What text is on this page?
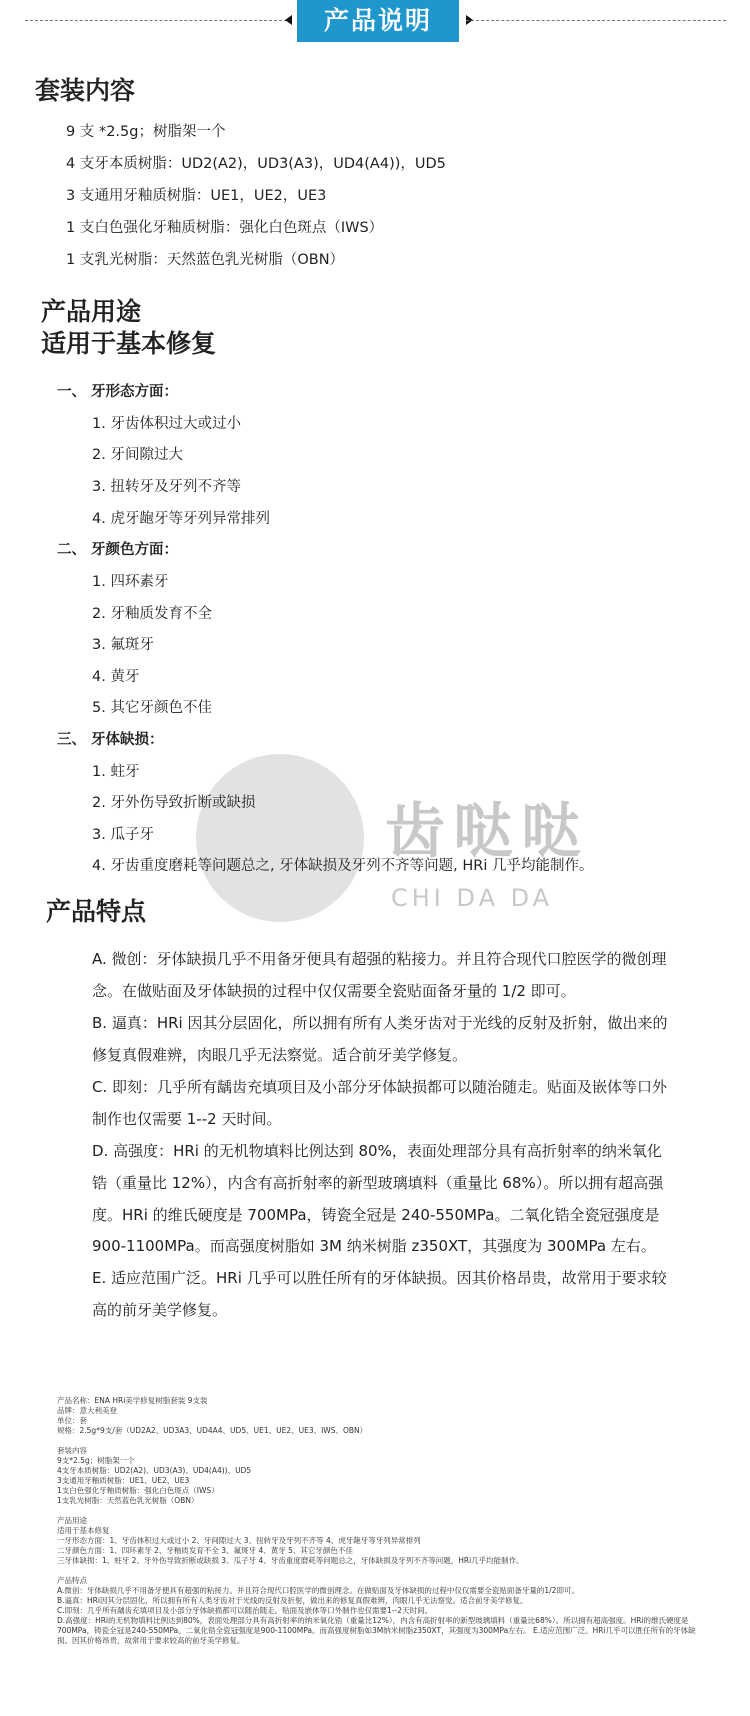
产品说明
套装内容
9 支 *2.5g；树脂架一个
4 支牙本质树脂：UD2(A2)，UD3(A3)，UD4(A4))，UD5
3 支通用牙釉质树脂：UE1，UE2，UE3
1 支白色强化牙釉质树脂：强化白色斑点（IWS）
1 支乳光树脂：天然蓝色乳光树脂（OBN）
产品用途
适用于基本修复
一、 牙形态方面：
1. 牙齿体积过大或过小
2. 牙间隙过大
3. 扭转牙及牙列不齐等
4. 虎牙龅牙等牙列异常排列
二、 牙颜色方面：
1. 四环素牙
2. 牙釉质发育不全
3. 氟斑牙
4. 黄牙
5. 其它牙颜色不佳
三、 牙体缺损：
齿哒哒
CHI DA DA
1. 蛀牙
2. 牙外伤导致折断或缺损
3. 瓜子牙
4. 牙齿重度磨耗等问题总之, 牙体缺损及牙列不齐等问题, HRi 几乎均能制作。
产品特点
A. 微创：牙体缺损几乎不用备牙便具有超强的粘接力。并且符合现代口腔医学的微创理念。在做贴面及牙体缺损的过程中仅仅需要全瓷贴面备牙量的 1/2 即可。
B. 逼真：HRi 因其分层固化，所以拥有所有人类牙齿对于光线的反射及折射，做出来的修复真假难辨，肉眼几乎无法察觉。适合前牙美学修复。
C. 即刻：几乎所有龋齿充填项目及小部分牙体缺损都可以随治随走。贴面及嵌体等口外制作也仅需要 1--2 天时间。
D. 高强度：HRi 的无机物填料比例达到 80%，表面处理部分具有高折射率的纳米氧化锆（重量比 12%），内含有高折射率的新型玻璃填料（重量比 68%）。所以拥有超高强度。HRi 的维氏硬度是 700MPa，铸瓷全冠是 240-550MPa。二氧化锆全瓷冠强度是 900-1100MPa。而高强度树脂如 3M 纳米树脂 z350XT，其强度为 300MPa 左右。 E. 适应范围广泛。HRi 几乎可以胜任所有的牙体缺损。因其价格昂贵，故常用于要求较高的前牙美学修复。
产品名称：ENA HRi美学修复树脂套装 9支装
品牌：意大利美登
单位：套
规格：2.5g*9支/套（UD2A2、UD3A3、UD4A4、UD5、UE1、UE2、UE3、IWS、OBN）
套装内容
9支*2.5g；树脂架一个
4支牙本质树脂：UD2(A2)、UD3(A3)、UD4(A4))、UD5
3支通用牙釉质树脂：UE1、UE2、UE3
1支白色强化牙釉质树脂：强化白色斑点（IWS）
1支乳光树脂：天然蓝色乳光树脂（OBN）
产品用途
适用于基本修复
一牙形态方面：1、牙齿体积过大或过小 2、牙间隙过大 3、扭转牙及牙列不齐等 4、虎牙龅牙等牙列异常排列
二牙颜色方面：1、四环素牙 2、牙釉质发育不全 3、氟斑牙 4、黄牙 5、其它牙颜色不佳
三牙体缺损：1、蛀牙 2、牙外伤导致折断或缺损 3、瓜子牙 4、牙齿重度磨耗等问题总之，牙体缺损及牙列不齐等问题，HRi几乎均能制作。
产品特点
A.微创：牙体缺损几乎不用备牙便具有超强的粘接力。并且符合现代口腔医学的微创理念。在做贴面及牙体缺损的过程中仅仅需要全瓷贴面备牙量的1/2即可。
B.逼真：HRi因其分层固化，所以拥有所有人类牙齿对于光线的反射及折射，做出来的修复真假难辨，肉眼几乎无法察觉。适合前牙美学修复。
C.即刻：几乎所有龋齿充填项目及小部分牙体缺损都可以随治随走。贴面及嵌体等口外制作也仅需要1--2天时间。
D.高强度：HRi的无机物填料比例达到80%，表面处理部分具有高折射率的纳米氧化锆（重量比12%），内含有高折射率的新型玻璃填料（重量比68%）。所以拥有超高强度。HRi的维氏硬度是700MPa，铸瓷全冠是240-550MPa。二氧化锆全瓷冠强度是900-1100MPa。而高强度树脂如3M纳米树脂z350XT，其强度为300MPa左右。 E.适应范围广泛。HRi几乎可以胜任所有的牙体缺损。因其价格昂贵，故常用于要求较高的前牙美学修复。
